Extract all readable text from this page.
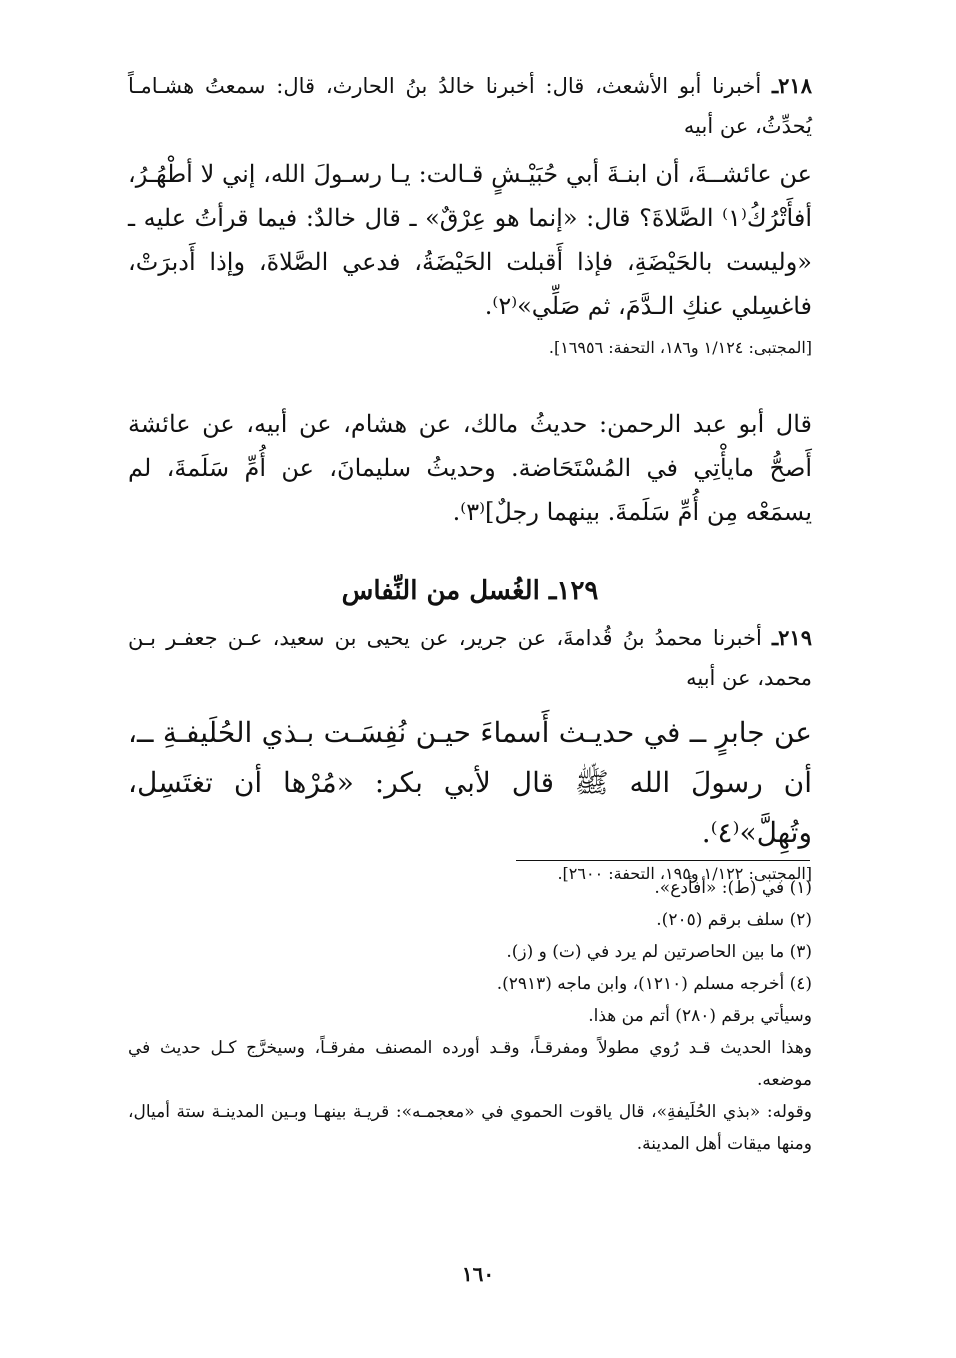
٢١٨ـ أخبرنا أبو الأشعث، قال: أخبرنا خالدُ بنُ الحارث، قال: سمعتُ هشـامـاً يُحدِّثُ، عن أبيه

عن عائشــةَ، أن ابنـةَ أبي حُبَيْـشٍ قـالت: يـا رسـولَ الله، إني لا أطْهُـرُ، أفأَتْرُكُ⁽١⁾ الصَّلاةَ؟ قال: «إنما هو عِرْقٌ» ـ قال خالدٌ: فيما قرأتُ عليه ـ «وليست بالحَيْضَةِ، فإذا أَقبلت الحَيْضَةُ، فدعي الصَّلاةَ، وإذا أَدبرَتْ، فاغسِلي عنكِ الـدَّمَ، ثم صَلِّي»⁽٢⁾.

[المجتبى: ١/١٢٤ و١٨٦، التحفة: ١٦٩٥٦].

قال أبو عبد الرحمن: حديثُ مالك، عن هشام، عن أبيه، عن عائشة أَصحُّ مايأْتِي في المُسْتَحَاضة. وحديثُ سليمانَ، عن أُمِّ سَلَمةَ، لم يسمَعْه مِن أُمِّ سَلَمةَ. بينهما رجلٌ]⁽٣⁾.

١٢٩ـ الغُسل من النِّفاس

٢١٩ـ أخبرنا محمدُ بنُ قُدامةَ، عن جرير، عن يحيى بن سعيد، عـن جعفـر بـن محمد، عن أبيه

عن جابرٍ ــ في حديـث أَسماءَ حيـن نُفِسَـت بـذي الحُلَيفـةِ ــ، أن رسولَ الله ﷺ قال لأبي بكر: «مُرْها أن تغتَسِل، وتُهِلَّ»⁽٤⁾.

[المجتبى: ١/١٢٢ و١٩٥، التحفة: ٢٦٠٠].

(١) في (ط): «أفأدع».

(٢) سلف برقم (٢٠٥).

(٣) ما بين الحاصرتين لم يرد في (ت) و (ز).

(٤) أخرجه مسلم (١٢١٠)، وابن ماجه (٢٩١٣).

وسيأتي برقم (٢٨٠) أتم من هذا.

وهذا الحديث قـد رُوي مطولاً ومفرقـاً، وقـد أورده المصنف مفرقـاً، وسيخرَّج كـل حديث في موضعه.

وقوله: «بذي الحُلَيفةِ»، قال ياقوت الحموي في «معجمـه»: قريـة بينهـا وبـين المدينـة ستة أميال، ومنها ميقات أهل المدينة.

١٦٠
